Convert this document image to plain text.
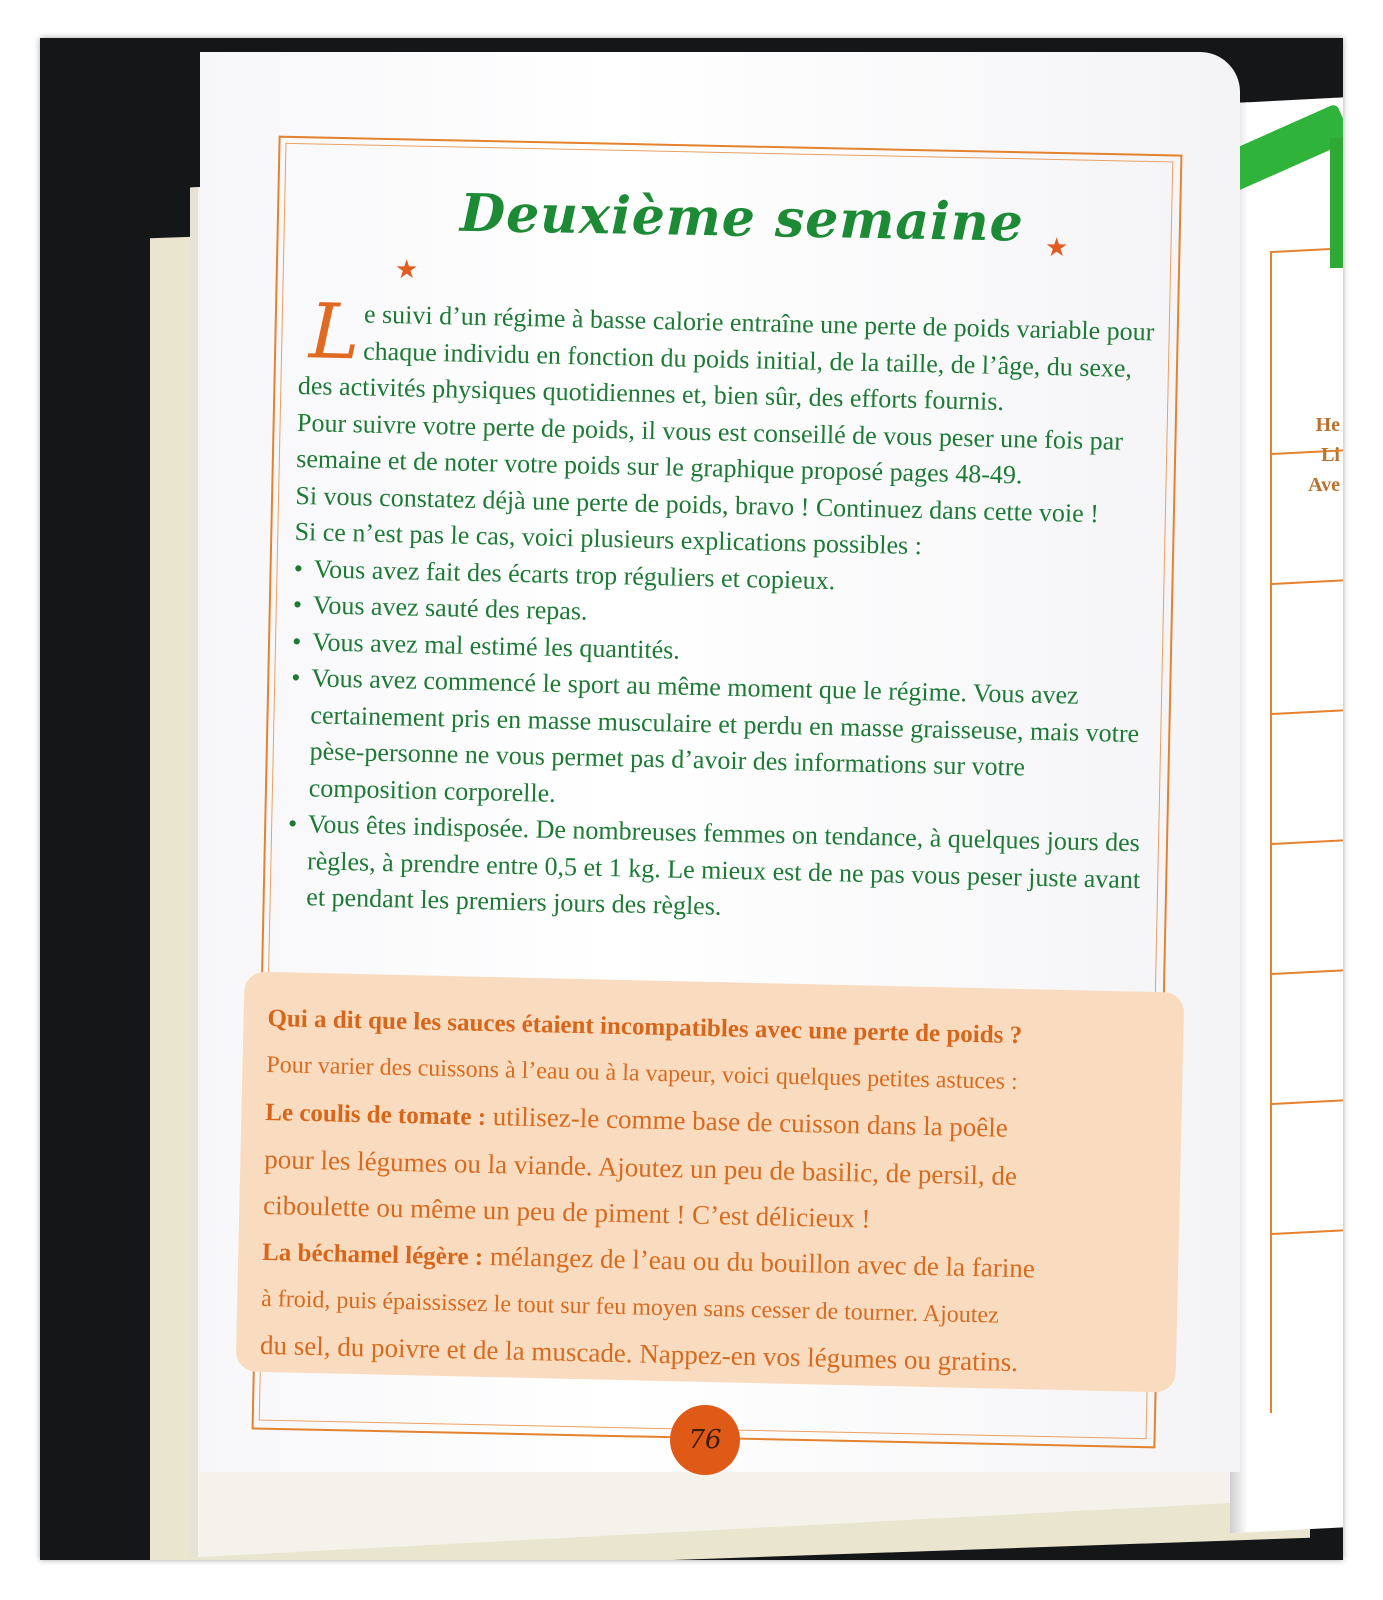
He
Li
Ave
★
Deuxième semaine ★

Le suivi d’un régime à basse calorie entraîne une perte de poids variable pour chaque individu en fonction du poids initial, de la taille, de l’âge, du sexe, des activités physiques quotidiennes et, bien sûr, des efforts fournis.

Pour suivre votre perte de poids, il vous est conseillé de vous peser une fois par semaine et de noter votre poids sur le graphique proposé pages 48-49.

Si vous constatez déjà une perte de poids, bravo ! Continuez dans cette voie !

Si ce n’est pas le cas, voici plusieurs explications possibles :

• Vous avez fait des écarts trop réguliers et copieux.
• Vous avez sauté des repas.
• Vous avez mal estimé les quantités.
• Vous avez commencé le sport au même moment que le régime. Vous avez certainement pris en masse musculaire et perdu en masse graisseuse, mais votre pèse-personne ne vous permet pas d’avoir des informations sur votre composition corporelle.
• Vous êtes indisposée. De nombreuses femmes on tendance, à quelques jours des règles, à prendre entre 0,5 et 1 kg. Le mieux est de ne pas vous peser juste avant et pendant les premiers jours des règles.
Qui a dit que les sauces étaient incompatibles avec une perte de poids ?
Pour varier des cuissons à l’eau ou à la vapeur, voici quelques petites astuces :
Le coulis de tomate : utilisez-le comme base de cuisson dans la poêle
pour les légumes ou la viande. Ajoutez un peu de basilic, de persil, de
ciboulette ou même un peu de piment ! C’est délicieux !
La béchamel légère : mélangez de l’eau ou du bouillon avec de la farine
à froid, puis épaississez le tout sur feu moyen sans cesser de tourner. Ajoutez
du sel, du poivre et de la muscade. Nappez-en vos légumes ou gratins.
76
